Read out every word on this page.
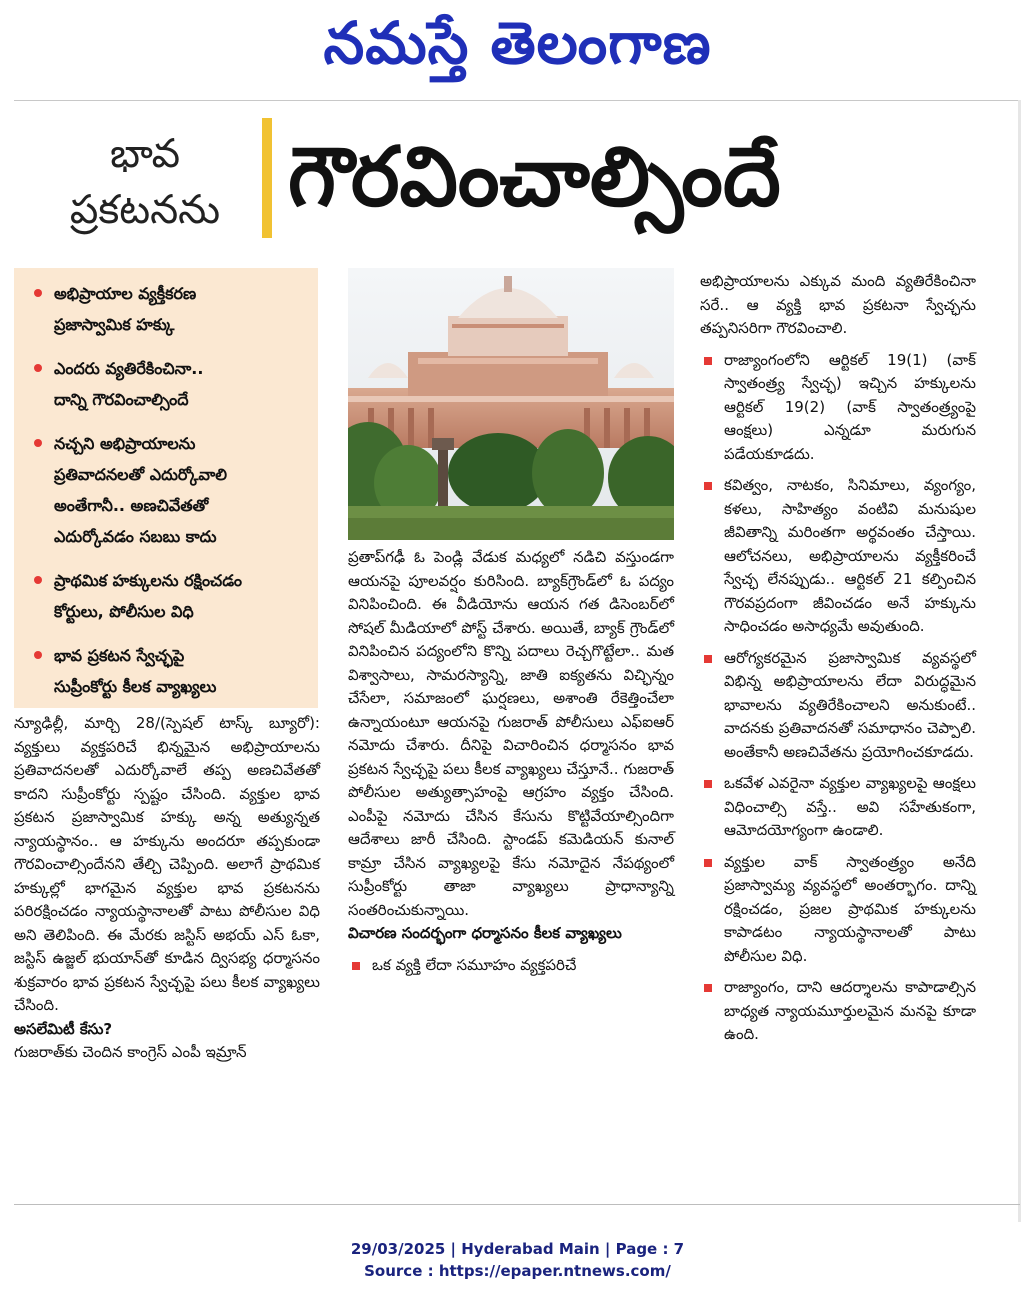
నమస్తే తెలంగాణ
భావ
ప్రకటనను గౌరవించాల్సిందే
అభిప్రాయాల వ్యక్తీకరణ
ప్రజాస్వామిక హక్కు
ఎందరు వ్యతిరేకించినా..
దాన్ని గౌరవించాల్సిందే
నచ్చని అభిప్రాయాలను
ప్రతివాదనలతో ఎదుర్కోవాలి
అంతేగానీ.. అణచివేతతో
ఎదుర్కోవడం సబబు కాదు
ప్రాథమిక హక్కులను రక్షించడం
కోర్టులు, పోలీసుల విధి
భావ ప్రకటన స్వేచ్ఛపై
సుప్రీంకోర్టు కీలక వ్యాఖ్యలు

న్యూఢిల్లీ, మార్చి 28/(స్పెషల్ టాస్క్ బ్యూరో): వ్యక్తులు వ్యక్తపరిచే భిన్నమైన అభిప్రాయాలను ప్రతివాదనలతో ఎదుర్కోవాలే తప్ప అణచివేతతో కాదని సుప్రీంకోర్టు స్పష్టం చేసింది. వ్యక్తుల భావ ప్రకటన ప్రజాస్వామిక హక్కు అన్న అత్యున్నత న్యాయస్థానం.. ఆ హక్కును అందరూ తప్పకుండా గౌరవించాల్సిందేనని తేల్చి చెప్పింది. అలాగే ప్రాథమిక హక్కుల్లో భాగమైన వ్యక్తుల భావ ప్రకటనను పరిరక్షించడం న్యాయస్థానాలతో పాటు పోలీసుల విధి అని తెలిపింది. ఈ మేరకు జస్టిస్ అభయ్ ఎస్ ఓకా, జస్టిస్ ఉజ్జల్ భుయాన్‌తో కూడిన ద్విసభ్య ధర్మాసనం శుక్రవారం భావ ప్రకటన స్వేచ్ఛపై పలు కీలక వ్యాఖ్యలు చేసింది.

అసలేమిటీ కేసు?

గుజరాత్‌కు చెందిన కాంగ్రెస్ ఎంపీ ఇమ్రాన్

ప్రతాప్‌గఢీ ఓ పెండ్లి వేడుక మధ్యలో నడిచి వస్తుండగా ఆయనపై పూలవర్షం కురిసింది. బ్యాక్‌గ్రౌండ్‌లో ఓ పద్యం వినిపించింది. ఈ వీడియోను ఆయన గత డిసెంబర్‌లో సోషల్ మీడియాలో పోస్ట్ చేశారు. అయితే, బ్యాక్ గ్రౌండ్‌లో వినిపించిన పద్యంలోని కొన్ని పదాలు రెచ్చగొట్టేలా.. మత విశ్వాసాలు, సామరస్యాన్ని, జాతి ఐక్యతను విచ్ఛిన్నం చేసేలా, సమాజంలో ఘర్షణలు, అశాంతి రేకెత్తించేలా ఉన్నాయంటూ ఆయనపై గుజరాత్ పోలీసులు ఎఫ్‌ఐఆర్ నమోదు చేశారు. దీనిపై విచారించిన ధర్మాసనం భావ ప్రకటన స్వేచ్ఛపై పలు కీలక వ్యాఖ్యలు చేస్తూనే.. గుజరాత్ పోలీసుల అత్యుత్సాహంపై ఆగ్రహం వ్యక్తం చేసింది. ఎంపీపై నమోదు చేసిన కేసును కొట్టివేయాల్సిందిగా ఆదేశాలు జారీ చేసింది. స్టాండప్ కమెడియన్ కునాల్ కామ్రా చేసిన వ్యాఖ్యలపై కేసు నమోదైన నేపథ్యంలో సుప్రీంకోర్టు తాజా వ్యాఖ్యలు ప్రాధాన్యాన్ని సంతరించుకున్నాయి.

విచారణ సందర్భంగా ధర్మాసనం కీలక వ్యాఖ్యలు

ఒక వ్యక్తి లేదా సమూహం వ్యక్తపరిచే

అభిప్రాయాలను ఎక్కువ మంది వ్యతిరేకించినా సరే.. ఆ వ్యక్తి భావ ప్రకటనా స్వేచ్ఛను తప్పనిసరిగా గౌరవించాలి.

రాజ్యాంగంలోని ఆర్టికల్ 19(1) (వాక్ స్వాతంత్ర్య స్వేచ్ఛ) ఇచ్చిన హక్కులను ఆర్టికల్ 19(2) (వాక్ స్వాతంత్ర్యంపై ఆంక్షలు) ఎన్నడూ మరుగున పడేయకూడదు.
కవిత్వం, నాటకం, సినిమాలు, వ్యంగ్యం, కళలు, సాహిత్యం వంటివి మనుషుల జీవితాన్ని మరింతగా అర్థవంతం చేస్తాయి. ఆలోచనలు, అభిప్రాయాలను వ్యక్తీకరించే స్వేచ్ఛ లేనప్పుడు.. ఆర్టికల్ 21 కల్పించిన గౌరవప్రదంగా జీవించడం అనే హక్కును సాధించడం అసాధ్యమే అవుతుంది.
ఆరోగ్యకరమైన ప్రజాస్వామిక వ్యవస్థలో విభిన్న అభిప్రాయాలను లేదా విరుద్ధమైన భావాలను వ్యతిరేకించాలని అనుకుంటే.. వాదనకు ప్రతివాదనతో సమాధానం చెప్పాలి. అంతేకానీ అణచివేతను ప్రయోగించకూడదు.
ఒకవేళ ఎవరైనా వ్యక్తుల వ్యాఖ్యలపై ఆంక్షలు విధించాల్సి వస్తే.. అవి సహేతుకంగా, ఆమోదయోగ్యంగా ఉండాలి.
వ్యక్తుల వాక్ స్వాతంత్ర్యం అనేది ప్రజాస్వామ్య వ్యవస్థలో అంతర్భాగం. దాన్ని రక్షించడం, ప్రజల ప్రాథమిక హక్కులను కాపాడటం న్యాయస్థానాలతో పాటు పోలీసుల విధి.
రాజ్యాంగం, దాని ఆదర్శాలను కాపాడాల్సిన బాధ్యత న్యాయమూర్తులమైన మనపై కూడా ఉంది.
29/03/2025 | Hyderabad Main | Page : 7
Source : https://epaper.ntnews.com/
